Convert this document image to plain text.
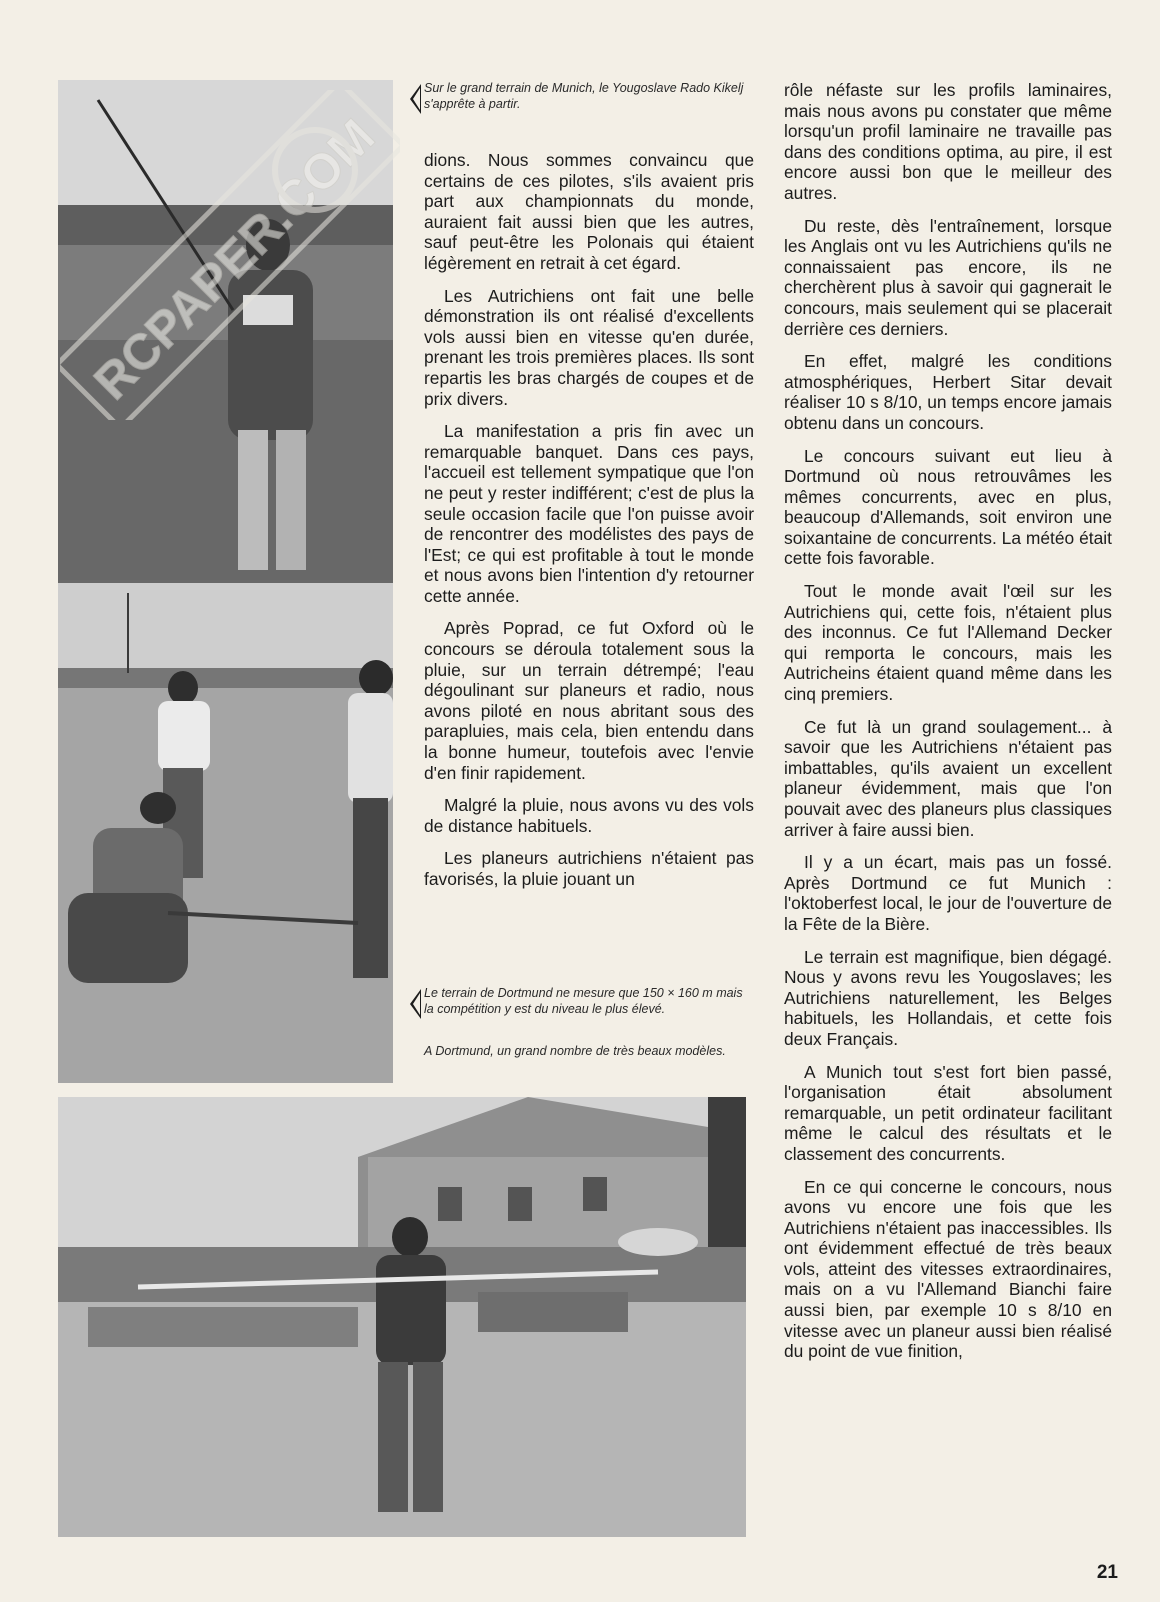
RCPAPER.COM
Sur le grand terrain de Munich, le Yougoslave Rado Kikelj s'apprête à partir.
Le terrain de Dortmund ne mesure que 150 × 160 m mais la compétition y est du niveau le plus élevé.
A Dortmund, un grand nombre de très beaux modèles.

dions. Nous sommes convaincu que certains de ces pilotes, s'ils avaient pris part aux championnats du monde, auraient fait aussi bien que les autres, sauf peut-être les Polonais qui étaient légèrement en retrait à cet égard.

Les Autrichiens ont fait une belle démonstration ils ont réalisé d'excellents vols aussi bien en vitesse qu'en durée, prenant les trois premières places. Ils sont repartis les bras chargés de coupes et de prix divers.

La manifestation a pris fin avec un remarquable banquet. Dans ces pays, l'accueil est tellement sympatique que l'on ne peut y rester indifférent; c'est de plus la seule occasion facile que l'on puisse avoir de rencontrer des modélistes des pays de l'Est; ce qui est profitable à tout le monde et nous avons bien l'intention d'y retourner cette année.

Après Poprad, ce fut Oxford où le concours se déroula totalement sous la pluie, sur un terrain détrempé; l'eau dégoulinant sur planeurs et radio, nous avons piloté en nous abritant sous des parapluies, mais cela, bien entendu dans la bonne humeur, toutefois avec l'envie d'en finir rapidement.

Malgré la pluie, nous avons vu des vols de distance habituels.

Les planeurs autrichiens n'étaient pas favorisés, la pluie jouant un

rôle néfaste sur les profils laminaires, mais nous avons pu constater que même lorsqu'un profil laminaire ne travaille pas dans des conditions optima, au pire, il est encore aussi bon que le meilleur des autres.

Du reste, dès l'entraînement, lorsque les Anglais ont vu les Autrichiens qu'ils ne connaissaient pas encore, ils ne cherchèrent plus à savoir qui gagnerait le concours, mais seulement qui se placerait derrière ces derniers.

En effet, malgré les conditions atmosphériques, Herbert Sitar devait réaliser 10 s 8/10, un temps encore jamais obtenu dans un concours.

Le concours suivant eut lieu à Dortmund où nous retrouvâmes les mêmes concurrents, avec en plus, beaucoup d'Allemands, soit environ une soixantaine de concurrents. La météo était cette fois favorable.

Tout le monde avait l'œil sur les Autrichiens qui, cette fois, n'étaient plus des inconnus. Ce fut l'Allemand Decker qui remporta le concours, mais les Autricheins étaient quand même dans les cinq premiers.

Ce fut là un grand soulagement... à savoir que les Autrichiens n'étaient pas imbattables, qu'ils avaient un excellent planeur évidemment, mais que l'on pouvait avec des planeurs plus classiques arriver à faire aussi bien.

Il y a un écart, mais pas un fossé. Après Dortmund ce fut Munich : l'oktoberfest local, le jour de l'ouverture de la Fête de la Bière.

Le terrain est magnifique, bien dégagé. Nous y avons revu les Yougoslaves; les Autrichiens naturellement, les Belges habituels, les Hollandais, et cette fois deux Français.

A Munich tout s'est fort bien passé, l'organisation était absolument remarquable, un petit ordinateur facilitant même le calcul des résultats et le classement des concurrents.

En ce qui concerne le concours, nous avons vu encore une fois que les Autrichiens n'étaient pas inaccessibles. Ils ont évidemment effectué de très beaux vols, atteint des vitesses extraordinaires, mais on a vu l'Allemand Bianchi faire aussi bien, par exemple 10 s 8/10 en vitesse avec un planeur aussi bien réalisé du point de vue finition,

21
